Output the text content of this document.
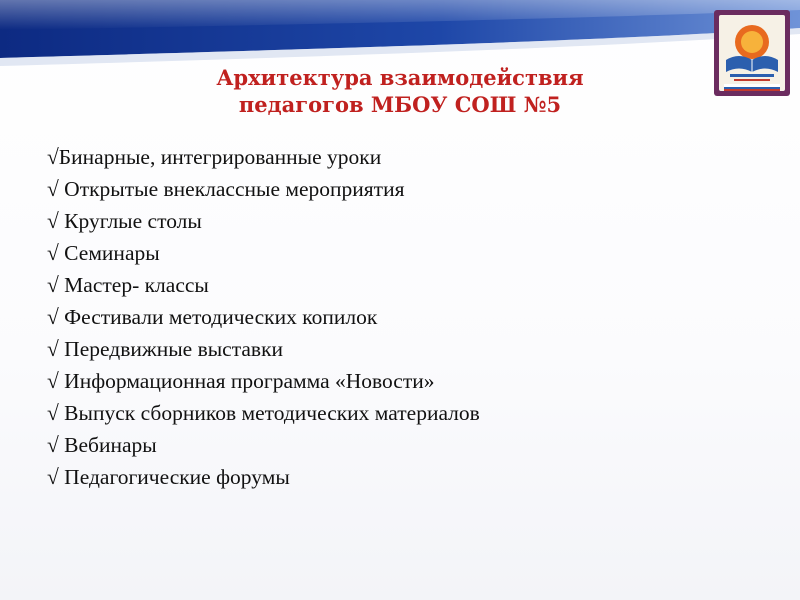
Архитектура взаимодействия
педагогов МБОУ СОШ №5
√Бинарные, интегрированные уроки
√ Открытые внеклассные мероприятия
√ Круглые столы
√ Семинары
√ Мастер- классы
√ Фестивали методических копилок
√ Передвижные выставки
√ Информационная программа «Новости»
√ Выпуск сборников методических материалов
√ Вебинары
√ Педагогические форумы
